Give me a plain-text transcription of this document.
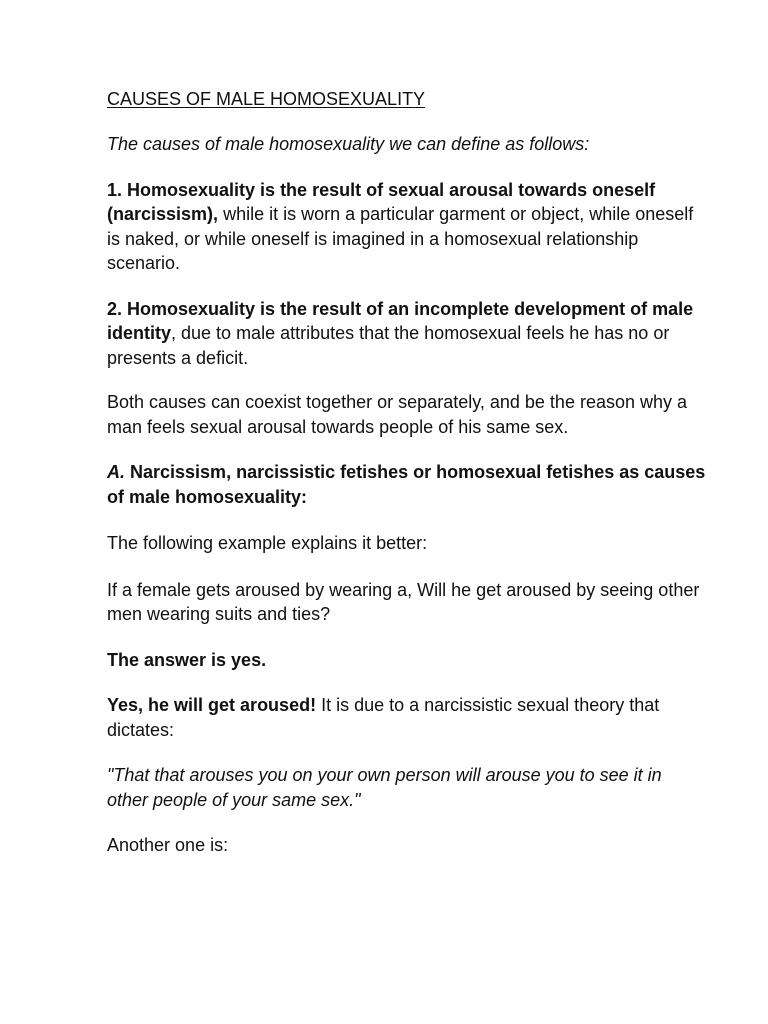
CAUSES OF MALE HOMOSEXUALITY

The causes of male homosexuality we can define as follows:

1. Homosexuality is the result of sexual arousal towards oneself (narcissism), while it is worn a particular garment or object, while oneself is naked, or while oneself is imagined in a homosexual relationship scenario.

2. Homosexuality is the result of an incomplete development of male identity, due to male attributes that the homosexual feels he has no or presents a deficit.

Both causes can coexist together or separately, and be the reason why a man feels sexual arousal towards people of his same sex.

A. Narcissism, narcissistic fetishes or homosexual fetishes as causes of male homosexuality:

The following example explains it better:

If a female gets aroused by wearing a, Will he get aroused by seeing other men wearing suits and ties?

The answer is yes.

Yes, he will get aroused! It is due to a narcissistic sexual theory that dictates:

"That that arouses you on your own person will arouse you to see it in other people of your same sex."

Another one is:
